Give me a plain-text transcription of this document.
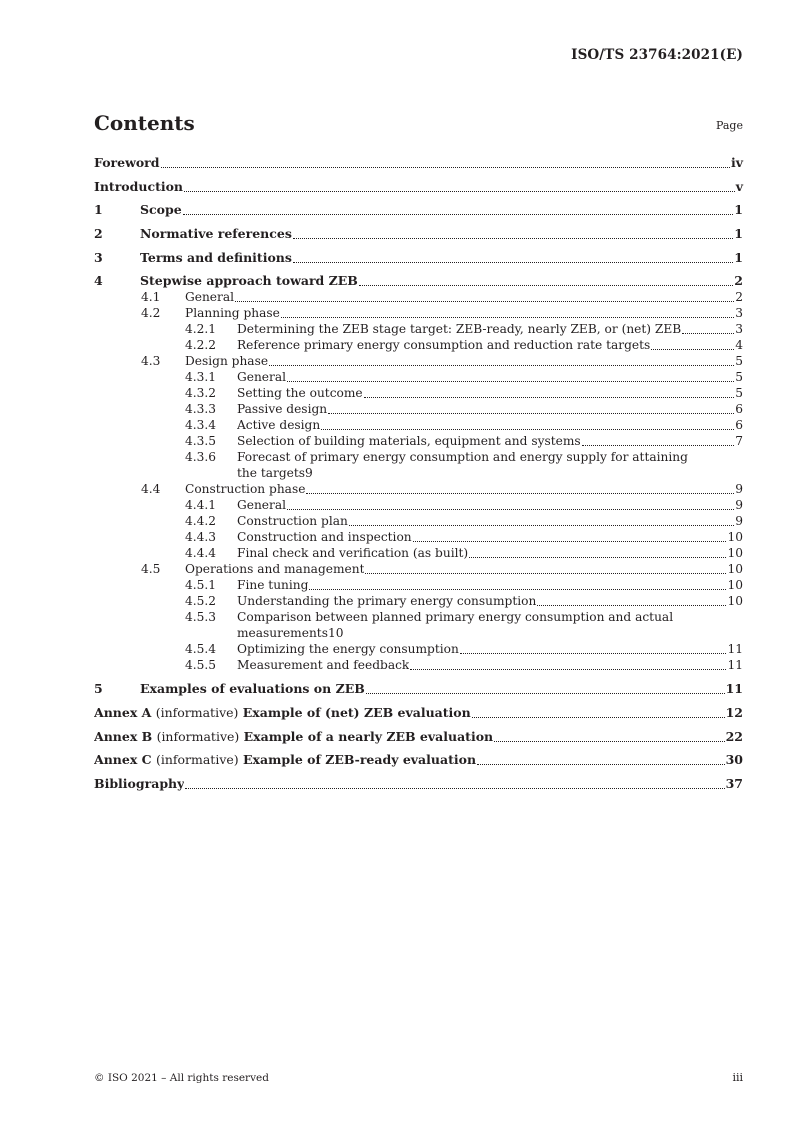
ISO/TS 23764:2021(E)
Contents	Page
Foreword	iv
Introduction	v
1	Scope	1
2	Normative references	1
3	Terms and definitions	1
4	Stepwise approach toward ZEB	2
4.1	General	2
4.2	Planning phase	3
4.2.1	Determining the ZEB stage target: ZEB-ready, nearly ZEB, or (net) ZEB	3
4.2.2	Reference primary energy consumption and reduction rate targets	4
4.3	Design phase	5
4.3.1	General	5
4.3.2	Setting the outcome	5
4.3.3	Passive design	6
4.3.4	Active design	6
4.3.5	Selection of building materials, equipment and systems	7
4.3.6	Forecast of primary energy consumption and energy supply for attaining
the targets 9
4.4	Construction phase	9
4.4.1	General	9
4.4.2	Construction plan	9
4.4.3	Construction and inspection	10
4.4.4	Final check and verification (as built)	10
4.5	Operations and management	10
4.5.1	Fine tuning	10
4.5.2	Understanding the primary energy consumption	10
4.5.3	Comparison between planned primary energy consumption and actual
measurements 10
4.5.4	Optimizing the energy consumption	11
4.5.5	Measurement and feedback	11
5	Examples of evaluations on ZEB	11
Annex A (informative) Example of (net) ZEB evaluation	12
Annex B (informative) Example of a nearly ZEB evaluation	22
Annex C (informative) Example of ZEB-ready evaluation	30
Bibliography	37
© ISO 2021 – All rights reserved	iii
